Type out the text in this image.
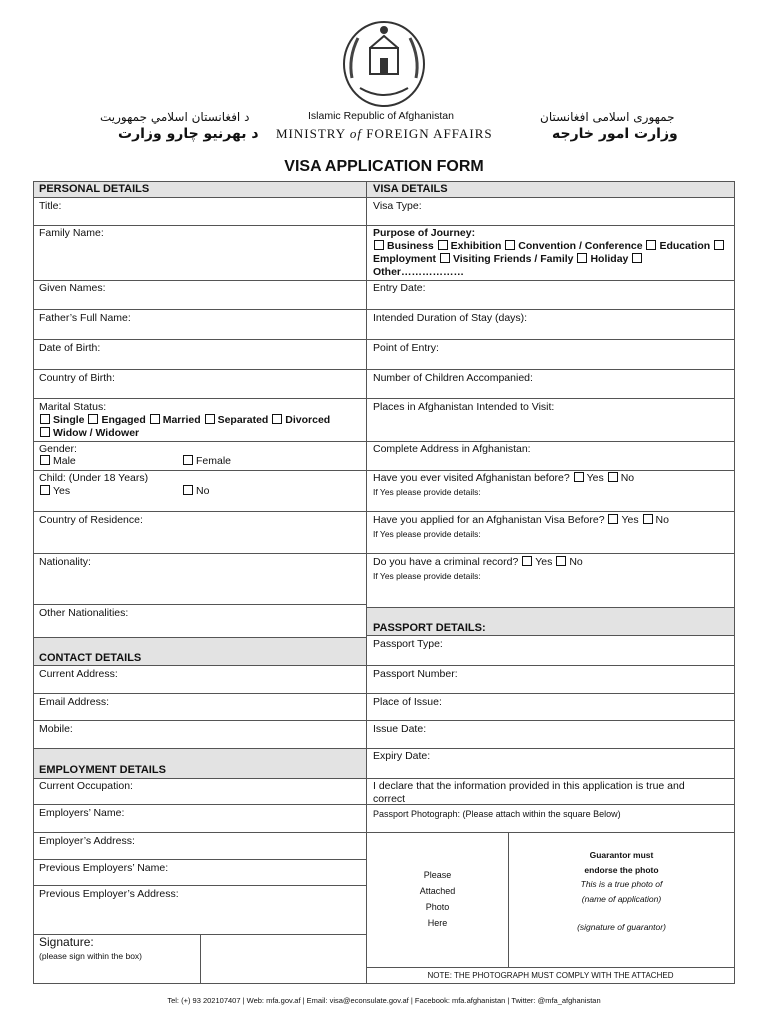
د افغانستان اسلامي جمهوريت
د بهرنيو چارو وزارت
Islamic Republic of Afghanistan
MINISTRY of FOREIGN AFFAIRS
جمهوری اسلامی افغانستان
وزارت امور خارجه
VISA APPLICATION FORM
PERSONAL DETAILS
Title:
Family Name:
Given Names:
Father’s Full Name:
Date of Birth:
Country of Birth:
Marital Status:
Single Engaged Married Separated Divorced
Widow / Widower
Gender:
Male	Female
Child: (Under 18 Years)
Yes	No
Country of Residence:
Nationality:
Other Nationalities:
CONTACT DETAILS
Current Address:
Email Address:
Mobile:
EMPLOYMENT DETAILS
Current Occupation:
Employers’ Name:
Employer’s Address:
Previous Employers’ Name:
Previous Employer’s Address:
Signature:
(please sign within the box)
VISA DETAILS
Visa Type:
Purpose of Journey:
Business Exhibition Convention / Conference Education
Employment Visiting Friends / Family Holiday
Other………………
Entry Date:
Intended Duration of Stay (days):
Point of Entry:
Number of Children Accompanied:
Places in Afghanistan Intended to Visit:
Complete Address in Afghanistan:
Have you ever visited Afghanistan before? Yes No
If Yes please provide details:
Have you applied for an Afghanistan Visa Before? Yes No
If Yes please provide details:
Do you have a criminal record? Yes No
If Yes please provide details:
PASSPORT DETAILS:
Passport Type:
Passport Number:
Place of Issue:
Issue Date:
Expiry Date:
I declare that the information provided in this application is true and
correct
Passport Photograph: (Please attach within the square Below)
Please
Attached
Photo
Here
Guarantor must
endorse the photo
This is a true photo of
(name of application)
(signature of guarantor)
NOTE: THE PHOTOGRAPH MUST COMPLY WITH THE ATTACHED
Tel: (+) 93 202107407 | Web: mfa.gov.af | Email: visa@econsulate.gov.af | Facebook: mfa.afghanistan | Twitter: @mfa_afghanistan
